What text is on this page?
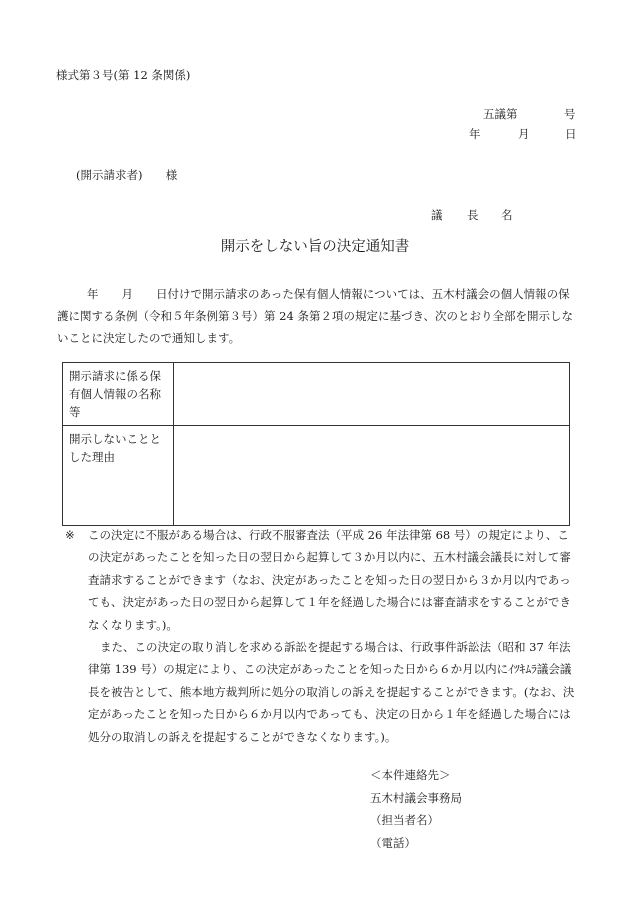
様式第３号(第 12 条関係)
五議第	号
年	月	日
(開示請求者) 様
議 長 名
開示をしない旨の決定通知書
年　　月　　日付けで開示請求のあった保有個人情報については、五木村議会の個人情報の保護に関する条例（令和５年条例第３号）第 24 条第２項の規定に基づき、次のとおり全部を開示しないことに決定したので通知します。
開示請求に係る保有個人情報の名称等	
開示しないこととした理由	
※ この決定に不服がある場合は、行政不服審査法（平成 26 年法律第 68 号）の規定により、この決定があったことを知った日の翌日から起算して３か月以内に、五木村議会議長に対して審査請求することができます（なお、決定があったことを知った日の翌日から３か月以内であっても、決定があった日の翌日から起算して１年を経過した場合には審査請求をすることができなくなります。)。

また、この決定の取り消しを求める訴訟を提起する場合は、行政事件訴訟法（昭和 37 年法律第 139 号）の規定により、この決定があったことを知った日から６か月以内にｲﾂｷﾑﾗ議会議長を被告として、熊本地方裁判所に処分の取消しの訴えを提起することができます。(なお、決定があったことを知った日から６か月以内であっても、決定の日から１年を経過した場合には処分の取消しの訴えを提起することができなくなります。)。

＜本件連絡先＞
五木村議会事務局
（担当者名）
（電話）
